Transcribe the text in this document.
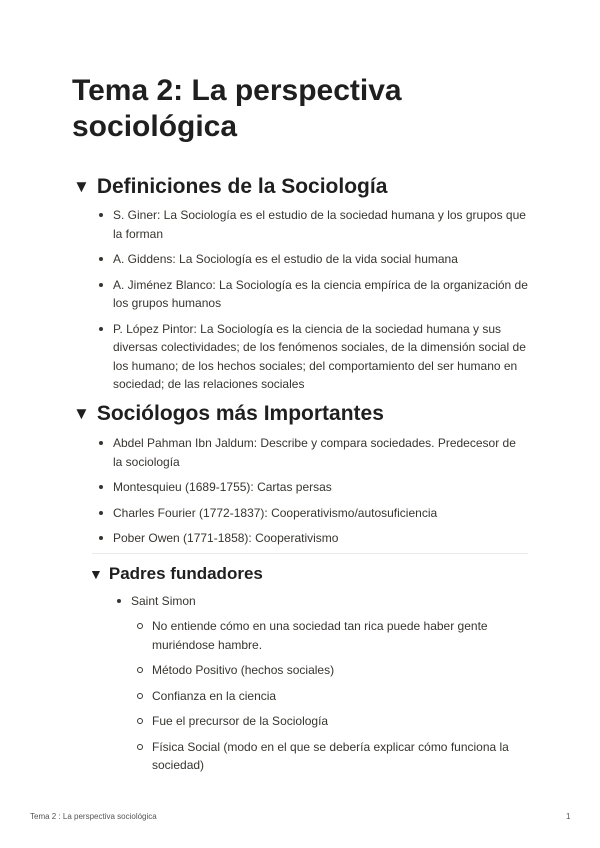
Tema 2: La perspectiva sociológica
▼ Definiciones de la Sociología
S. Giner: La Sociología es el estudio de la sociedad humana y los grupos que la forman
A. Giddens: La Sociología es el estudio de la vida social humana
A. Jiménez Blanco: La Sociología es la ciencia empírica de la organización de los grupos humanos
P. López Pintor: La Sociología es la ciencia de la sociedad humana y sus diversas colectividades; de los fenómenos sociales, de la dimensión social de los humano; de los hechos sociales; del comportamiento del ser humano en sociedad; de las relaciones sociales
▼ Sociólogos más Importantes
Abdel Pahman Ibn Jaldum: Describe y compara sociedades. Predecesor de la sociología
Montesquieu (1689-1755): Cartas persas
Charles Fourier (1772-1837): Cooperativismo/autosuficiencia
Pober Owen (1771-1858): Cooperativismo
▼ Padres fundadores
Saint Simon
No entiende cómo en una sociedad tan rica puede haber gente muriéndose hambre.
Método Positivo (hechos sociales)
Confianza en la ciencia
Fue el precursor de la Sociología
Física Social (modo en el que se debería explicar cómo funciona la sociedad)
Tema 2 : La perspectiva sociológica	1
